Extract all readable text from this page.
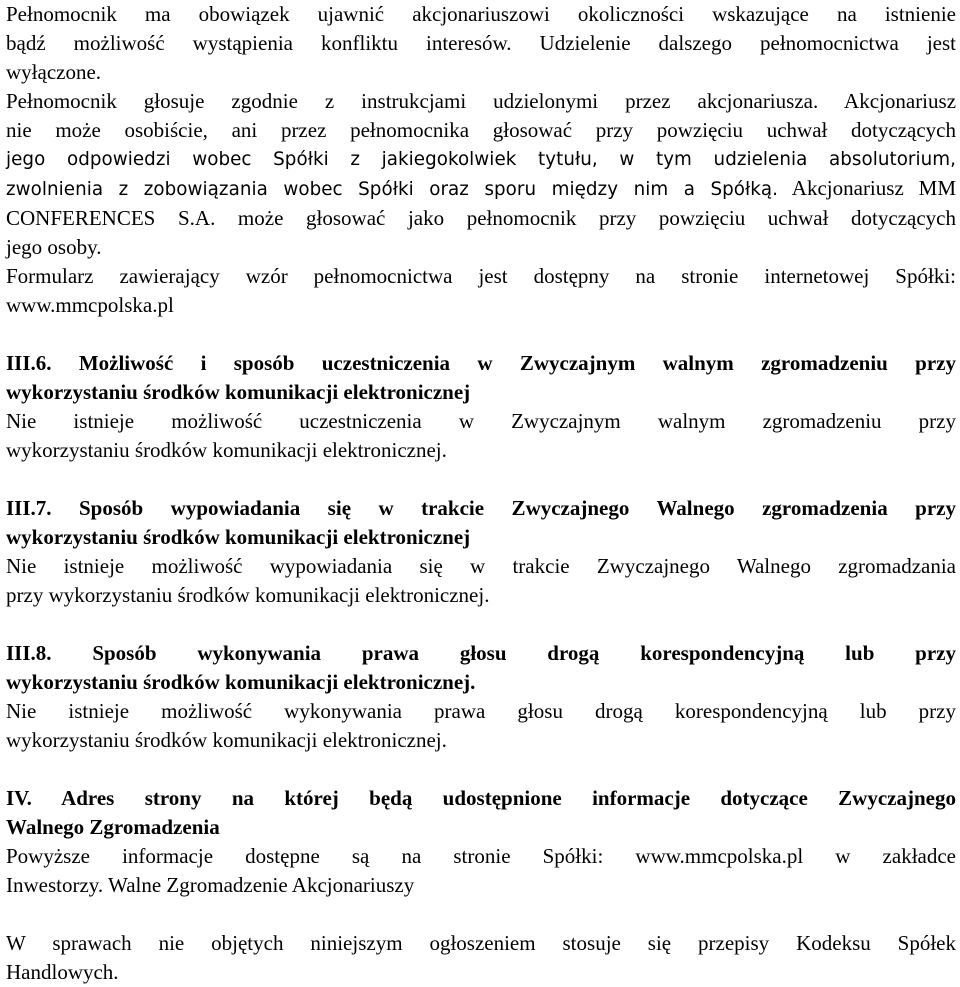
Pełnomocnik ma obowiązek ujawnić akcjonariuszowi okoliczności wskazujące na istnienie
bądź możliwość wystąpienia konfliktu interesów. Udzielenie dalszego pełnomocnictwa jest
wyłączone.
Pełnomocnik głosuje zgodnie z instrukcjami udzielonymi przez akcjonariusza. Akcjonariusz
nie może osobiście, ani przez pełnomocnika głosować przy powzięciu uchwał dotyczących
jego odpowiedzi wobec Spółki z jakiegokolwiek tytułu, w tym udzielenia absolutorium,
zwolnienia z zobowiązania wobec Spółki oraz sporu między nim a Spółką. Akcjonariusz MM
CONFERENCES S.A. może głosować jako pełnomocnik przy powzięciu uchwał dotyczących
jego osoby.
Formularz zawierający wzór pełnomocnictwa jest dostępny na stronie internetowej Spółki:
www.mmcpolska.pl
III.6. Możliwość i sposób uczestniczenia w Zwyczajnym walnym zgromadzeniu przy
wykorzystaniu środków komunikacji elektronicznej
Nie istnieje możliwość uczestniczenia w Zwyczajnym walnym zgromadzeniu przy
wykorzystaniu środków komunikacji elektronicznej.
III.7. Sposób wypowiadania się w trakcie Zwyczajnego Walnego zgromadzenia przy
wykorzystaniu środków komunikacji elektronicznej
Nie istnieje możliwość wypowiadania się w trakcie Zwyczajnego Walnego zgromadzania
przy wykorzystaniu środków komunikacji elektronicznej.
III.8. Sposób wykonywania prawa głosu drogą korespondencyjną lub przy
wykorzystaniu środków komunikacji elektronicznej.
Nie istnieje możliwość wykonywania prawa głosu drogą korespondencyjną lub przy
wykorzystaniu środków komunikacji elektronicznej.
IV. Adres strony na której będą udostępnione informacje dotyczące Zwyczajnego
Walnego Zgromadzenia
Powyższe informacje dostępne są na stronie Spółki: www.mmcpolska.pl w zakładce
Inwestorzy. Walne Zgromadzenie Akcjonariuszy
W sprawach nie objętych niniejszym ogłoszeniem stosuje się przepisy Kodeksu Spółek
Handlowych.
